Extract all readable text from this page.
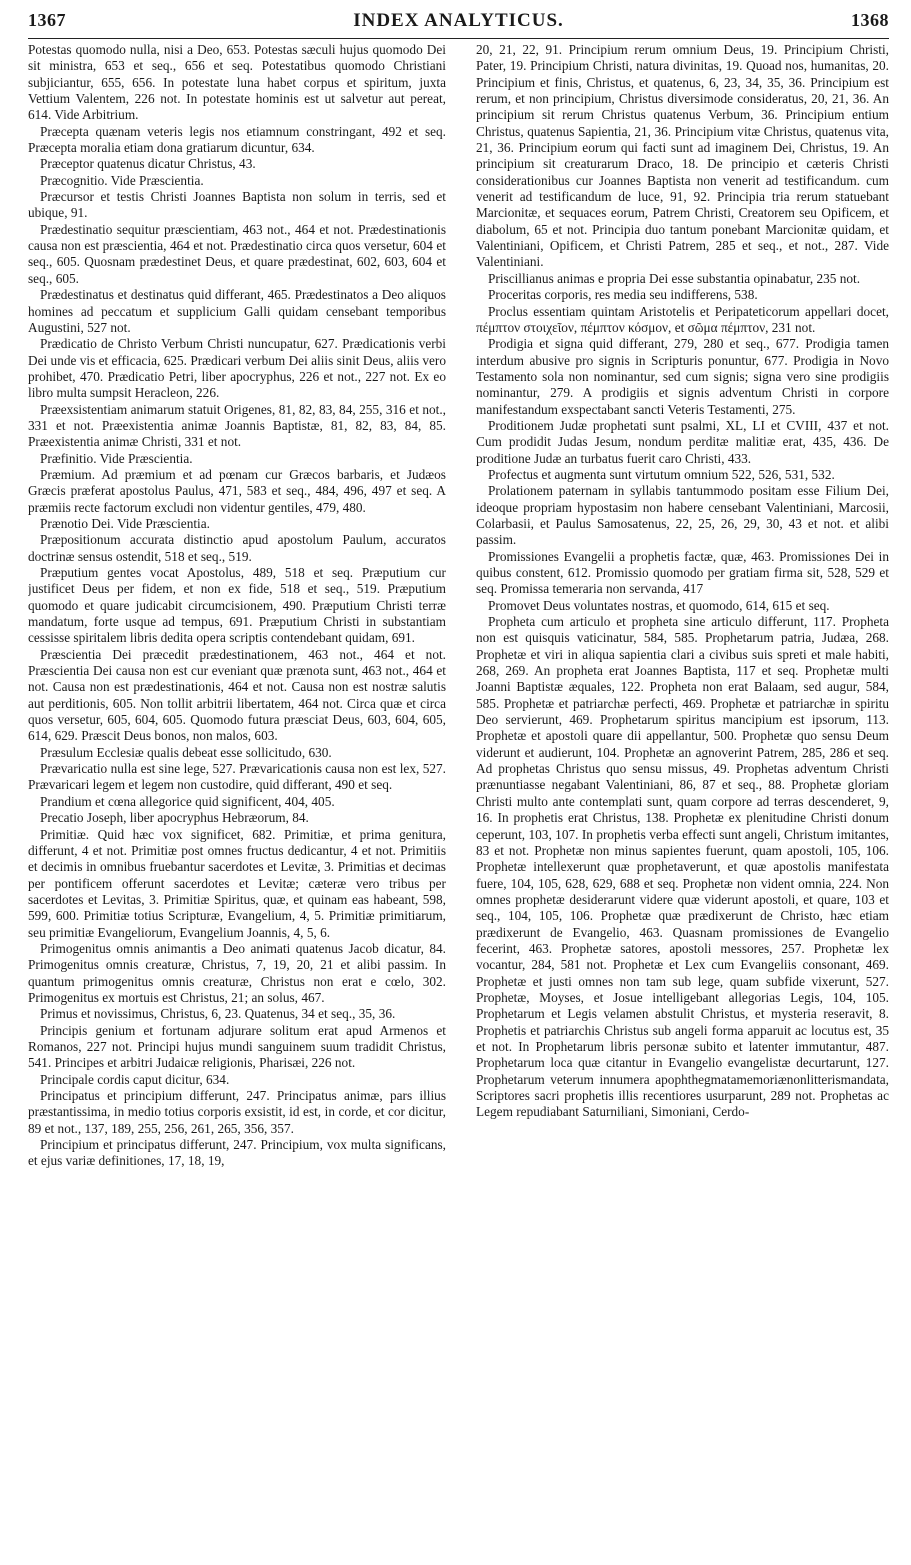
1367	INDEX ANALYTICUS.	1368

Potestas quomodo nulla, nisi a Deo, 653. Potestas sæculi hujus quomodo Dei sit ministra, 653 et seq., 656 et seq. Potestatibus quomodo Christiani subjiciantur, 655, 656. In potestate luna habet corpus et spiritum, juxta Vettium Valentem, 226 not. In potestate hominis est ut salvetur aut pereat, 614. Vide Arbitrium.

Præcepta quænam veteris legis nos etiamnum constringant, 492 et seq. Præcepta moralia etiam dona gratiarum dicuntur, 634.

Præceptor quatenus dicatur Christus, 43.

Præcognitio. Vide Præscientia.

Præcursor et testis Christi Joannes Baptista non solum in terris, sed et ubique, 91.

Prædestinatio sequitur præscientiam, 463 not., 464 et not. Prædestinationis causa non est præscientia, 464 et not. Prædestinatio circa quos versetur, 604 et seq., 605. Quosnam prædestinet Deus, et quare prædestinat, 602, 603, 604 et seq., 605.

Prædestinatus et destinatus quid differant, 465. Prædestinatos a Deo aliquos homines ad peccatum et supplicium Galli quidam censebant temporibus Augustini, 527 not.

Prædicatio de Christo Verbum Christi nuncupatur, 627. Prædicationis verbi Dei unde vis et efficacia, 625. Prædicari verbum Dei aliis sinit Deus, aliis vero prohibet, 470. Prædicatio Petri, liber apocryphus, 226 et not., 227 not. Ex eo libro multa sumpsit Heracleon, 226.

Præexsistentiam animarum statuit Origenes, 81, 82, 83, 84, 255, 316 et not., 331 et not. Præexistentia animæ Joannis Baptistæ, 81, 82, 83, 84, 85. Præexistentia animæ Christi, 331 et not.

Præfinitio. Vide Præscientia.

Præmium. Ad præmium et ad pœnam cur Græcos barbaris, et Judæos Græcis præferat apostolus Paulus, 471, 583 et seq., 484, 496, 497 et seq. A præmiis recte factorum excludi non videntur gentiles, 479, 480.

Prænotio Dei. Vide Præscientia.

Præpositionum accurata distinctio apud apostolum Paulum, accuratos doctrinæ sensus ostendit, 518 et seq., 519.

Præputium gentes vocat Apostolus, 489, 518 et seq. Præputium cur justificet Deus per fidem, et non ex fide, 518 et seq., 519. Præputium quomodo et quare judicabit circumcisionem, 490. Præputium Christi terræ mandatum, forte usque ad tempus, 691. Præputium Christi in substantiam cessisse spiritalem libris dedita opera scriptis contendebant quidam, 691.

Præscientia Dei præcedit prædestinationem, 463 not., 464 et not. Præscientia Dei causa non est cur eveniant quæ prænota sunt, 463 not., 464 et not. Causa non est prædestinationis, 464 et not. Causa non est nostræ salutis aut perditionis, 605. Non tollit arbitrii libertatem, 464 not. Circa quæ et circa quos versetur, 605, 604, 605. Quomodo futura præsciat Deus, 603, 604, 605, 614, 629. Præscit Deus bonos, non malos, 603.

Præsulum Ecclesiæ qualis debeat esse sollicitudo, 630.

Prævaricatio nulla est sine lege, 527. Prævaricationis causa non est lex, 527. Prævaricari legem et legem non custodire, quid differant, 490 et seq.

Prandium et cœna allegorice quid significent, 404, 405.

Precatio Joseph, liber apocryphus Hebræorum, 84.

Primitiæ. Quid hæc vox significet, 682. Primitiæ, et prima genitura, differunt, 4 et not. Primitiæ post omnes fructus dedicantur, 4 et not. Primitiis et decimis in omnibus fruebantur sacerdotes et Levitæ, 3. Primitias et decimas per pontificem offerunt sacerdotes et Levitæ; cæteræ vero tribus per sacerdotes et Levitas, 3. Primitiæ Spiritus, quæ, et quinam eas habeant, 598, 599, 600. Primitiæ totius Scripturæ, Evangelium, 4, 5. Primitiæ primitiarum, seu primitiæ Evangeliorum, Evangelium Joannis, 4, 5, 6.

Primogenitus omnis animantis a Deo animati quatenus Jacob dicatur, 84. Primogenitus omnis creaturæ, Christus, 7, 19, 20, 21 et alibi passim. In quantum primogenitus omnis creaturæ, Christus non erat e cœlo, 302. Primogenitus ex mortuis est Christus, 21; an solus, 467.

Primus et novissimus, Christus, 6, 23. Quatenus, 34 et seq., 35, 36.

Principis genium et fortunam adjurare solitum erat apud Armenos et Romanos, 227 not. Principi hujus mundi sanguinem suum tradidit Christus, 541. Principes et arbitri Judaicæ religionis, Pharisæi, 226 not.

Principale cordis caput dicitur, 634.

Principatus et principium differunt, 247. Principatus animæ, pars illius præstantissima, in medio totius corporis exsistit, id est, in corde, et cor dicitur, 89 et not., 137, 189, 255, 256, 261, 265, 356, 357.

Principium et principatus differunt, 247. Principium, vox multa significans, et ejus variæ definitiones, 17, 18, 19,

20, 21, 22, 91. Principium rerum omnium Deus, 19. Principium Christi, Pater, 19. Principium Christi, natura divinitas, 19. Quoad nos, humanitas, 20. Principium et finis, Christus, et quatenus, 6, 23, 34, 35, 36. Principium est rerum, et non principium, Christus diversimode consideratus, 20, 21, 36. An principium sit rerum Christus quatenus Verbum, 36. Principium entium Christus, quatenus Sapientia, 21, 36. Principium vitæ Christus, quatenus vita, 21, 36. Principium eorum qui facti sunt ad imaginem Dei, Christus, 19. An principium sit creaturarum Draco, 18. De principio et cæteris Christi considerationibus cur Joannes Baptista non venerit ad testificandum. cum venerit ad testificandum de luce, 91, 92. Principia tria rerum statuebant Marcionitæ, et sequaces eorum, Patrem Christi, Creatorem seu Opificem, et diabolum, 65 et not. Principia duo tantum ponebant Marcionitæ quidam, et Valentiniani, Opificem, et Christi Patrem, 285 et seq., et not., 287. Vide Valentiniani.

Priscillianus animas e propria Dei esse substantia opinabatur, 235 not.

Proceritas corporis, res media seu indifferens, 538.

Proclus essentiam quintam Aristotelis et Peripateticorum appellari docet, πέμπτον στοιχεῖον, πέμπτον κόσμον, et σῶμα πέμπτον, 231 not.

Prodigia et signa quid differant, 279, 280 et seq., 677. Prodigia tamen interdum abusive pro signis in Scripturis ponuntur, 677. Prodigia in Novo Testamento sola non nominantur, sed cum signis; signa vero sine prodigiis nominantur, 279. A prodigiis et signis adventum Christi in corpore manifestandum exspectabant sancti Veteris Testamenti, 275.

Proditionem Judæ prophetati sunt psalmi, XL, LI et CVIII, 437 et not. Cum prodidit Judas Jesum, nondum perditæ malitiæ erat, 435, 436. De proditione Judæ an turbatus fuerit caro Christi, 433.

Profectus et augmenta sunt virtutum omnium 522, 526, 531, 532.

Prolationem paternam in syllabis tantummodo positam esse Filium Dei, ideoque propriam hypostasim non habere censebant Valentiniani, Marcosii, Colarbasii, et Paulus Samosatenus, 22, 25, 26, 29, 30, 43 et not. et alibi passim.

Promissiones Evangelii a prophetis factæ, quæ, 463. Promissiones Dei in quibus constent, 612. Promissio quomodo per gratiam firma sit, 528, 529 et seq. Promissa temeraria non servanda, 417

Promovet Deus voluntates nostras, et quomodo, 614, 615 et seq.

Propheta cum articulo et propheta sine articulo differunt, 117. Propheta non est quisquis vaticinatur, 584, 585. Prophetarum patria, Judæa, 268. Prophetæ et viri in aliqua sapientia clari a civibus suis spreti et male habiti, 268, 269. An propheta erat Joannes Baptista, 117 et seq. Prophetæ multi Joanni Baptistæ æquales, 122. Propheta non erat Balaam, sed augur, 584, 585. Prophetæ et patriarchæ perfecti, 469. Prophetæ et patriarchæ in spiritu Deo servierunt, 469. Prophetarum spiritus mancipium est ipsorum, 113. Prophetæ et apostoli quare dii appellantur, 500. Prophetæ quo sensu Deum viderunt et audierunt, 104. Prophetæ an agnoverint Patrem, 285, 286 et seq. Ad prophetas Christus quo sensu missus, 49. Prophetas adventum Christi prænuntiasse negabant Valentiniani, 86, 87 et seq., 88. Prophetæ gloriam Christi multo ante contemplati sunt, quam corpore ad terras descenderet, 9, 16. In prophetis erat Christus, 138. Prophetæ ex plenitudine Christi donum ceperunt, 103, 107. In prophetis verba effecti sunt angeli, Christum imitantes, 83 et not. Prophetæ non minus sapientes fuerunt, quam apostoli, 105, 106. Prophetæ intellexerunt quæ prophetaverunt, et quæ apostolis manifestata fuere, 104, 105, 628, 629, 688 et seq. Prophetæ non vident omnia, 224. Non omnes prophetæ desiderarunt videre quæ viderunt apostoli, et quare, 103 et seq., 104, 105, 106. Prophetæ quæ prædixerunt de Christo, hæc etiam prædixerunt de Evangelio, 463. Quasnam promissiones de Evangelio fecerint, 463. Prophetæ satores, apostoli messores, 257. Prophetæ lex vocantur, 284, 581 not. Prophetæ et Lex cum Evangeliis consonant, 469. Prophetæ et justi omnes non tam sub lege, quam subfide vixerunt, 527. Prophetæ, Moyses, et Josue intelligebant allegorias Legis, 104, 105. Prophetarum et Legis velamen abstulit Christus, et mysteria reseravit, 8. Prophetis et patriarchis Christus sub angeli forma apparuit ac locutus est, 35 et not. In Prophetarum libris personæ subito et latenter immutantur, 487. Prophetarum loca quæ citantur in Evangelio evangelistæ decurtarunt, 127. Prophetarum veterum innumera apophthegmatamemoriænonlitterismandata, Scriptores sacri prophetis illis recentiores usurparunt, 289 not. Prophetas ac Legem repudiabant Saturniliani, Simoniani, Cerdo-
